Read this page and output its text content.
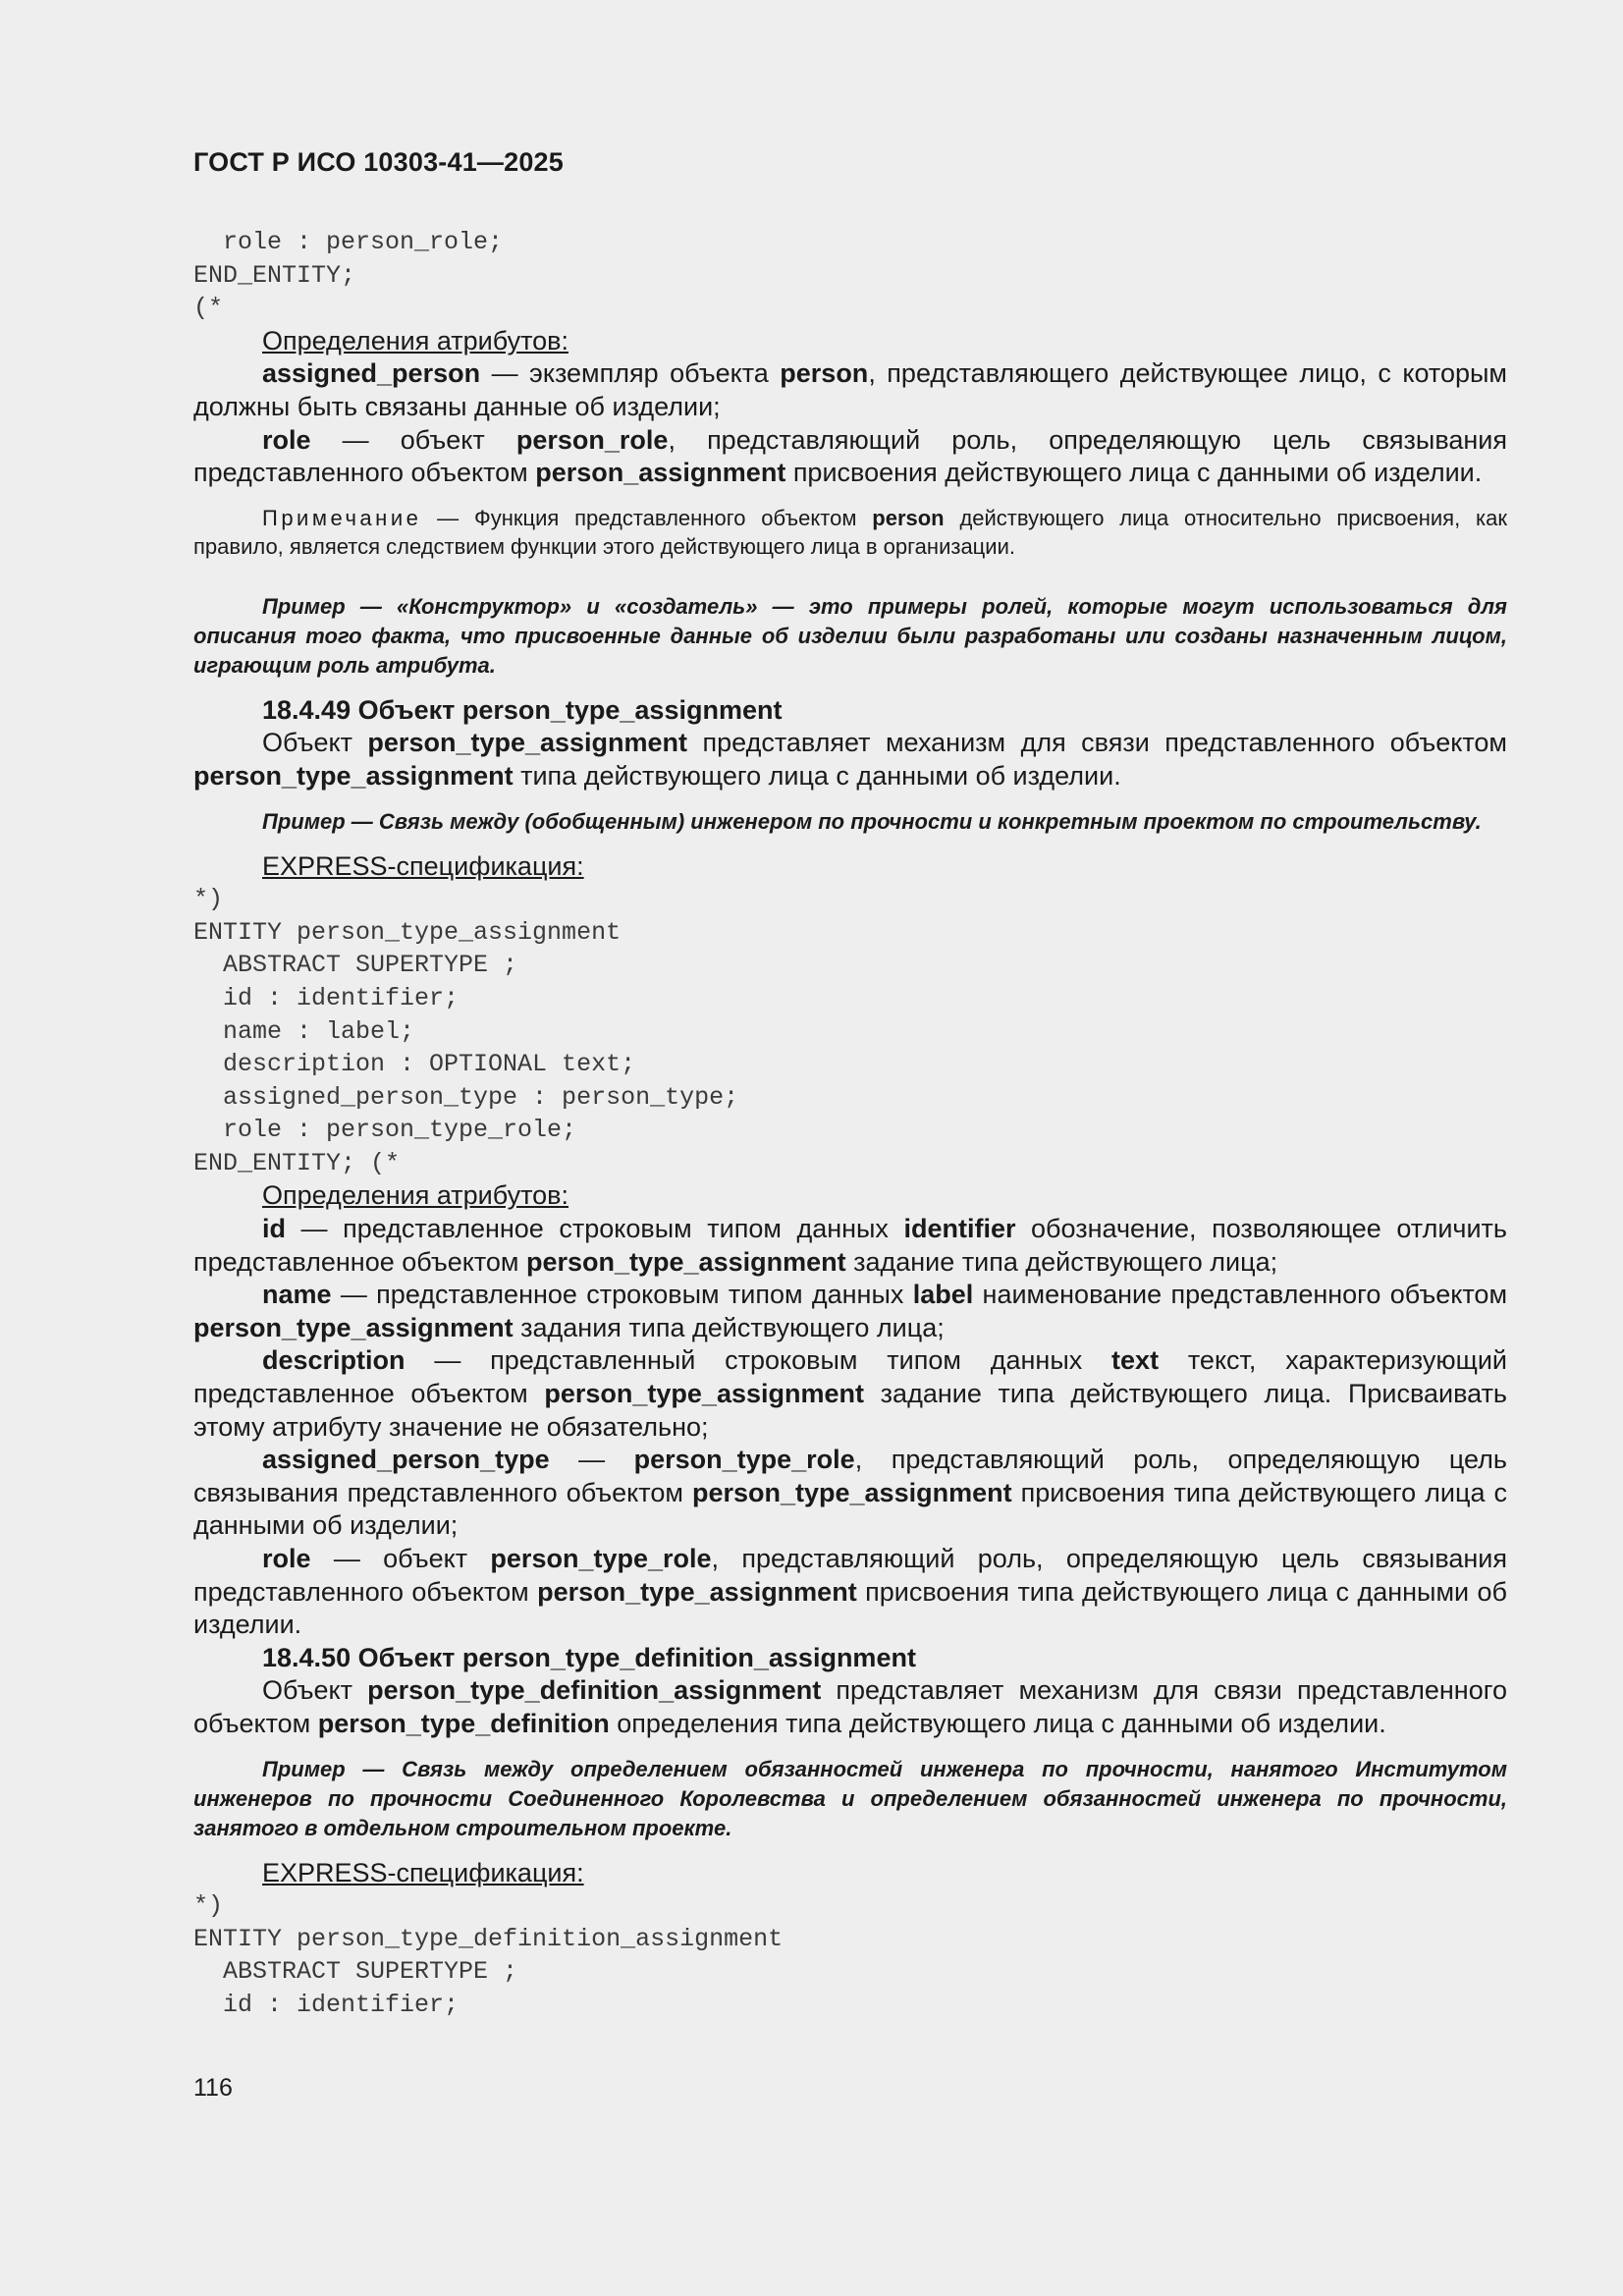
ГОСТ Р ИСО 10303-41—2025
role : person_role;
END_ENTITY;
(*

Определения атрибутов:

assigned_person — экземпляр объекта person, представляющего действующее лицо, с которым должны быть связаны данные об изделии;

role — объект person_role, представляющий роль, определяющую цель связывания представленного объектом person_assignment присвоения действующего лица с данными об изделии.

Примечание — Функция представленного объектом person действующего лица относительно присвоения, как правило, является следствием функции этого действующего лица в организации.

Пример — «Конструктор» и «создатель» — это примеры ролей, которые могут использоваться для описания того факта, что присвоенные данные об изделии были разработаны или созданы назначенным лицом, играющим роль атрибута.

18.4.49 Объект person_type_assignment

Объект person_type_assignment представляет механизм для связи представленного объектом person_type_assignment типа действующего лица с данными об изделии.

Пример — Связь между (обобщенным) инженером по прочности и конкретным проектом по строительству.

EXPRESS-спецификация:

*)
ENTITY person_type_assignment
ABSTRACT SUPERTYPE ;
id : identifier;
name : label;
description : OPTIONAL text;
assigned_person_type : person_type;
role : person_type_role;
END_ENTITY; (*

Определения атрибутов:

id — представленное строковым типом данных identifier обозначение, позволяющее отличить представленное объектом person_type_assignment задание типа действующего лица;

name — представленное строковым типом данных label наименование представленного объектом person_type_assignment задания типа действующего лица;

description — представленный строковым типом данных text текст, характеризующий представленное объектом person_type_assignment задание типа действующего лица. Присваивать этому атрибуту значение не обязательно;

assigned_person_type — person_type_role, представляющий роль, определяющую цель связывания представленного объектом person_type_assignment присвоения типа действующего лица с данными об изделии;

role — объект person_type_role, представляющий роль, определяющую цель связывания представленного объектом person_type_assignment присвоения типа действующего лица с данными об изделии.

18.4.50 Объект person_type_definition_assignment

Объект person_type_definition_assignment представляет механизм для связи представленного объектом person_type_definition определения типа действующего лица с данными об изделии.

Пример — Связь между определением обязанностей инженера по прочности, нанятого Институтом инженеров по прочности Соединенного Королевства и определением обязанностей инженера по прочности, занятого в отдельном строительном проекте.

EXPRESS-спецификация:

*)
ENTITY person_type_definition_assignment
ABSTRACT SUPERTYPE ;
id : identifier;
116
